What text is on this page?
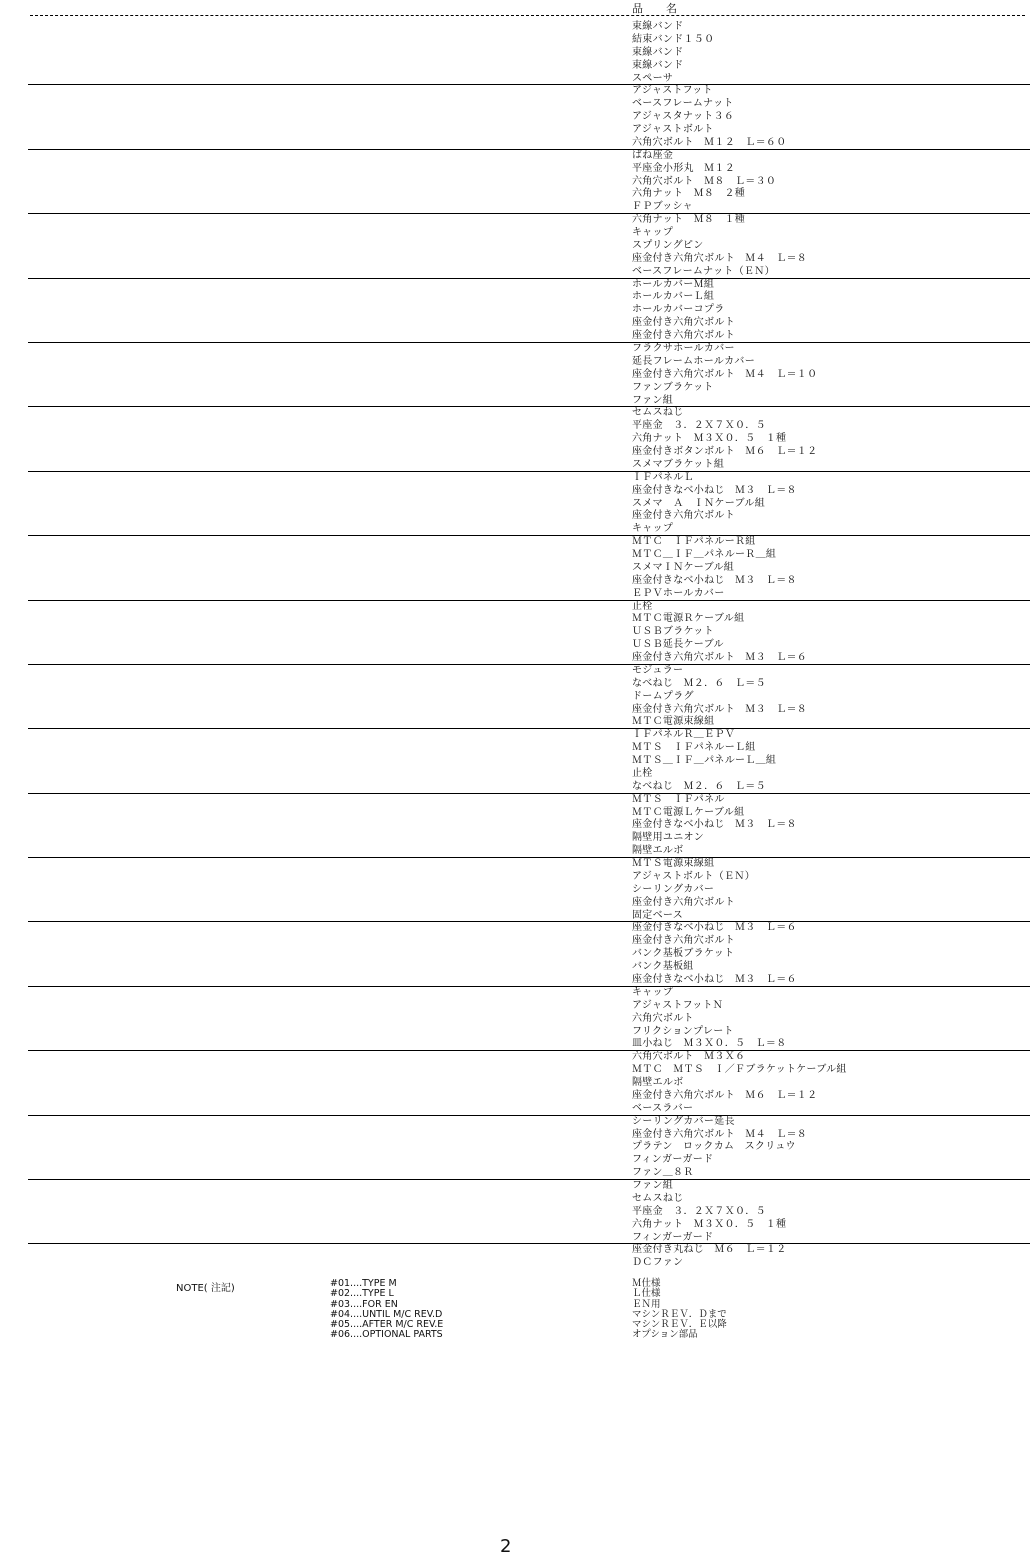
品　名
束線バンド
結束バンド１５０
束線バンド
束線バンド
スペーサ
アジャストフット
ベースフレームナット
アジャスタナット３６
アジャストボルト
六角穴ボルト　Ｍ１２　Ｌ＝６０
ばね座金
平座金小形丸　Ｍ１２
六角穴ボルト　Ｍ８　Ｌ＝３０
六角ナット　Ｍ８　２種
ＦＰブッシャ
六角ナット　Ｍ８　１種
キャップ
スプリングピン
座金付き六角穴ボルト　Ｍ４　Ｌ＝８
ベースフレームナット（ＥＮ）
ホールカバーＭ組
ホールカバーＬ組
ホールカバーコプラ
座金付き六角穴ボルト
座金付き六角穴ボルト
フラクサホールカバー
延長フレームホールカバー
座金付き六角穴ボルト　Ｍ４　Ｌ＝１０
ファンブラケット
ファン組
セムスねじ
平座金　３．２Ｘ７Ｘ０．５
六角ナット　Ｍ３Ｘ０．５　１種
座金付きボタンボルト　Ｍ６　Ｌ＝１２
スメマブラケット組
ＩＦパネルＬ
座金付きなべ小ねじ　Ｍ３　Ｌ＝８
スメマ　Ａ　ＩＮケーブル組
座金付き六角穴ボルト
キャップ
ＭＴＣ　ＩＦパネルーＲ組
ＭＴＣ＿ＩＦ＿パネルーＲ＿組
スメマＩＮケーブル組
座金付きなべ小ねじ　Ｍ３　Ｌ＝８
ＥＰＶホールカバー
止栓
ＭＴＣ電源Ｒケーブル組
ＵＳＢブラケット
ＵＳＢ延長ケーブル
座金付き六角穴ボルト　Ｍ３　Ｌ＝６
モジュラー
なべねじ　Ｍ２．６　Ｌ＝５
ドームプラグ
座金付き六角穴ボルト　Ｍ３　Ｌ＝８
ＭＴＣ電源束線組
ＩＦパネルＲ＿ＥＰＶ
ＭＴＳ　ＩＦパネルーＬ組
ＭＴＳ＿ＩＦ＿パネルーＬ＿組
止栓
なべねじ　Ｍ２．６　Ｌ＝５
ＭＴＳ　ＩＦパネル
ＭＴＣ電源Ｌケーブル組
座金付きなべ小ねじ　Ｍ３　Ｌ＝８
隔壁用ユニオン
隔壁エルボ
ＭＴＳ電源束線組
アジャストボルト（ＥＮ）
シーリングカバー
座金付き六角穴ボルト
固定ベース
座金付きなべ小ねじ　Ｍ３　Ｌ＝６
座金付き六角穴ボルト
バンク基板ブラケット
バンク基板組
座金付きなべ小ねじ　Ｍ３　Ｌ＝６
キャップ
アジャストフットＮ
六角穴ボルト
フリクションプレート
皿小ねじ　Ｍ３Ｘ０．５　Ｌ＝８
六角穴ボルト　Ｍ３Ｘ６
ＭＴＣ　ＭＴＳ　Ｉ／Ｆブラケットケーブル組
隔壁エルボ
座金付き六角穴ボルト　Ｍ６　Ｌ＝１２
ベースラバー
シーリングカバー延長
座金付き六角穴ボルト　Ｍ４　Ｌ＝８
プラテン　ロックカム　スクリュウ
フィンガーガード
ファン＿８Ｒ
ファン組
セムスねじ
平座金　３．２Ｘ７Ｘ０．５
六角ナット　Ｍ３Ｘ０．５　１種
フィンガーガード
座金付き丸ねじ　Ｍ６　Ｌ＝１２
ＤＣファン
NOTE( 注記)	#01....TYPE M
#02....TYPE L
#03....FOR EN
#04....UNTIL M/C REV.D
#05....AFTER M/C REV.E
#06....OPTIONAL PARTS
Ｍ仕様
Ｌ仕様
ＥＮ用
マシンＲＥＶ．Ｄまで
マシンＲＥＶ．Ｅ以降
オプション部品
2
